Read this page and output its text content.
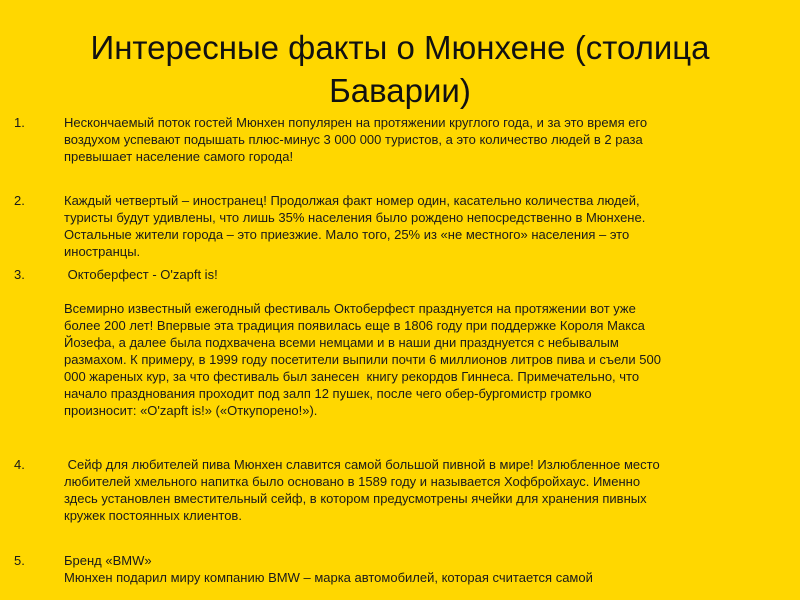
Интересные факты о Мюнхене (столица
Баварии)
1.	Нескончаемый поток гостей Мюнхен популярен на протяжении круглого года, и за это время его
воздухом успевают подышать плюс-минус 3 000 000 туристов, а это количество людей в 2 раза
превышает население самого города!
2.	Каждый четвертый – иностранец! Продолжая факт номер один, касательно количества людей,
туристы будут удивлены, что лишь 35% населения было рождено непосредственно в Мюнхене.
Остальные жители города – это приезжие. Мало того, 25% из «не местного» населения – это
иностранцы.
3.	Октоберфест - O'zapft is!

Всемирно известный ежегодный фестиваль Октоберфест празднуется на протяжении вот уже
более 200 лет! Впервые эта традиция появилась еще в 1806 году при поддержке Короля Макса
Йозефа, а далее была подхвачена всеми немцами и в наши дни празднуется с небывалым
размахом. К примеру, в 1999 году посетители выпили почти 6 миллионов литров пива и съели 500
000 жареных кур, за что фестиваль был занесен  книгу рекордов Гиннеса. Примечательно, что
начало празднования проходит под залп 12 пушек, после чего обер-бургомистр громко
произносит: «O'zapft is!» («Откупорено!»).
4.	Сейф для любителей пива Мюнхен славится самой большой пивной в мире! Излюбленное место
любителей хмельного напитка было основано в 1589 году и называется Хофбройхаус. Именно
здесь установлен вместительный сейф, в котором предусмотрены ячейки для хранения пивных
кружек постоянных клиентов.
5.	Бренд «BMW»
Мюнхен подарил миру компанию BMW – марка автомобилей, которая считается самой
